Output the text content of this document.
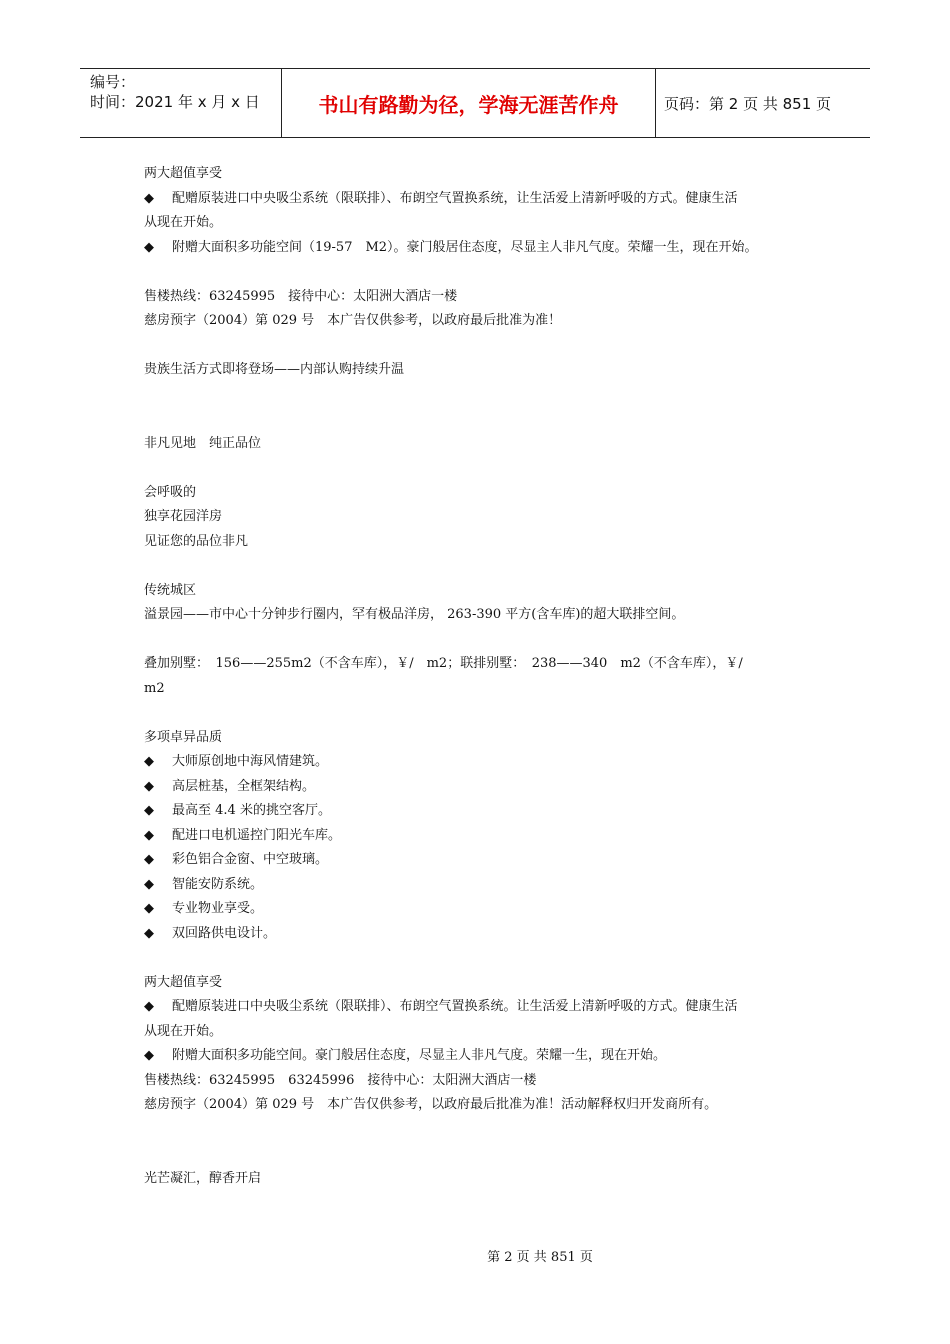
编号：
时间：2021 年 x 月 x 日	书山有路勤为径，学海无涯苦作舟	页码：第 2 页 共 851 页

两大超值享受

◆ 配赠原装进口中央吸尘系统（限联排）、布朗空气置换系统，让生活爱上清新呼吸的方式。健康生活

从现在开始。

◆ 附赠大面积多功能空间（19-57　M2）。豪门般居住态度，尽显主人非凡气度。荣耀一生，现在开始。

售楼热线：63245995　接待中心：太阳洲大酒店一楼

慈房预字（2004）第 029 号　本广告仅供参考，以政府最后批准为准！

贵族生活方式即将登场——内部认购持续升温

非凡见地　纯正品位

会呼吸的

独享花园洋房

见证您的品位非凡

传统城区

溢景园——市中心十分钟步行圈内，罕有极品洋房， 263-390 平方(含车库)的超大联排空间。

叠加别墅：　156——255m2（不含车库），￥/　m2；联排别墅：　238——340　m2（不含车库），￥/

m2

多项卓异品质

◆ 大师原创地中海风情建筑。

◆ 高层桩基，全框架结构。

◆ 最高至 4.4 米的挑空客厅。

◆ 配进口电机遥控门阳光车库。

◆ 彩色铝合金窗、中空玻璃。

◆ 智能安防系统。

◆ 专业物业享受。

◆ 双回路供电设计。

两大超值享受

◆ 配赠原装进口中央吸尘系统（限联排）、布朗空气置换系统。让生活爱上清新呼吸的方式。健康生活

从现在开始。

◆ 附赠大面积多功能空间。豪门般居住态度，尽显主人非凡气度。荣耀一生，现在开始。

售楼热线：63245995　63245996　接待中心：太阳洲大酒店一楼

慈房预字（2004）第 029 号　本广告仅供参考，以政府最后批准为准！活动解释权归开发商所有。

光芒凝汇，醇香开启

第 2 页 共 851 页
